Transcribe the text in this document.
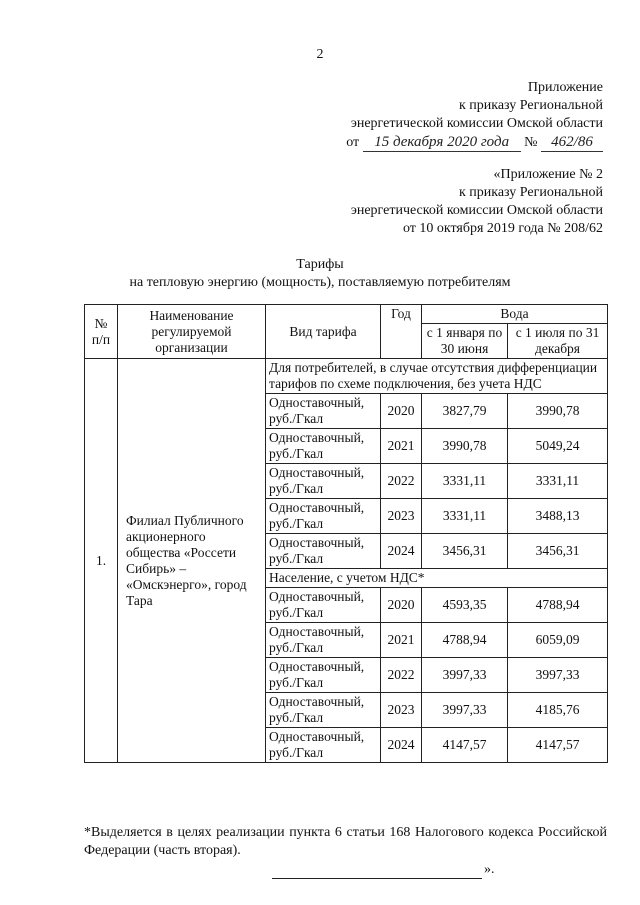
2
Приложение
к приказу Региональной
энергетической комиссии Омской области
от 15 декабря 2020 года № 462/86
«Приложение № 2
к приказу Региональной
энергетической комиссии Омской области
от 10 октября 2019 года № 208/62
Тарифы
на тепловую энергию (мощность), поставляемую потребителям
№ п/п	Наименование регулируемой организации	Вид тарифа	Год	Вода	
				с 1 января по 30 июня	с 1 июля по 31 декабря
1.	Филиал Публичного акционерного общества «Россети Сибирь» – «Омскэнерго», город Тара	Для потребителей, в случае отсутствия дифференциации тарифов по схеме подключения, без учета НДС			
		Одноставочный, руб./Гкал	2020	3827,79	3990,78
		Одноставочный, руб./Гкал	2021	3990,78	5049,24
		Одноставочный, руб./Гкал	2022	3331,11	3331,11
		Одноставочный, руб./Гкал	2023	3331,11	3488,13
		Одноставочный, руб./Гкал	2024	3456,31	3456,31
		Население, с учетом НДС*			
		Одноставочный, руб./Гкал	2020	4593,35	4788,94
		Одноставочный, руб./Гкал	2021	4788,94	6059,09
		Одноставочный, руб./Гкал	2022	3997,33	3997,33
		Одноставочный, руб./Гкал	2023	3997,33	4185,76
		Одноставочный, руб./Гкал	2024	4147,57	4147,57
*Выделяется в целях реализации пункта 6 статьи 168 Налогового кодекса Российской Федерации (часть вторая).
».
